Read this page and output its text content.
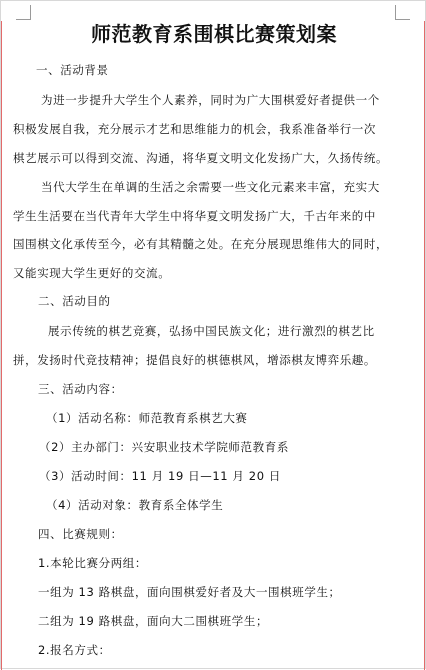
师范教育系围棋比赛策划案
一、活动背景
为进一步提升大学生个人素养，同时为广大围棋爱好者提供一个
积极发展自我，充分展示才艺和思维能力的机会，我系准备举行一次
棋艺展示可以得到交流、沟通，将华夏文明文化发扬广大，久扬传统。
当代大学生在单调的生活之余需要一些文化元素来丰富，充实大
学生生活要在当代青年大学生中将华夏文明发扬广大，千古年来的中
国围棋文化承传至今，必有其精髓之处。在充分展现思维伟大的同时，
又能实现大学生更好的交流。
二、活动目的
展示传统的棋艺竞赛，弘扬中国民族文化；进行激烈的棋艺比
拼，发扬时代竞技精神；提倡良好的棋德棋风，增添棋友博弈乐趣。
三、活动内容：
（1）活动名称：师范教育系棋艺大赛
（2）主办部门：兴安职业技术学院师范教育系
（3）活动时间：11 月 19 日—11 月 20 日
（4）活动对象：教育系全体学生
四、比赛规则：
1.本轮比赛分两组：
一组为 13 路棋盘，面向围棋爱好者及大一围棋班学生；
二组为 19 路棋盘，面向大二围棋班学生；
2.报名方式：
